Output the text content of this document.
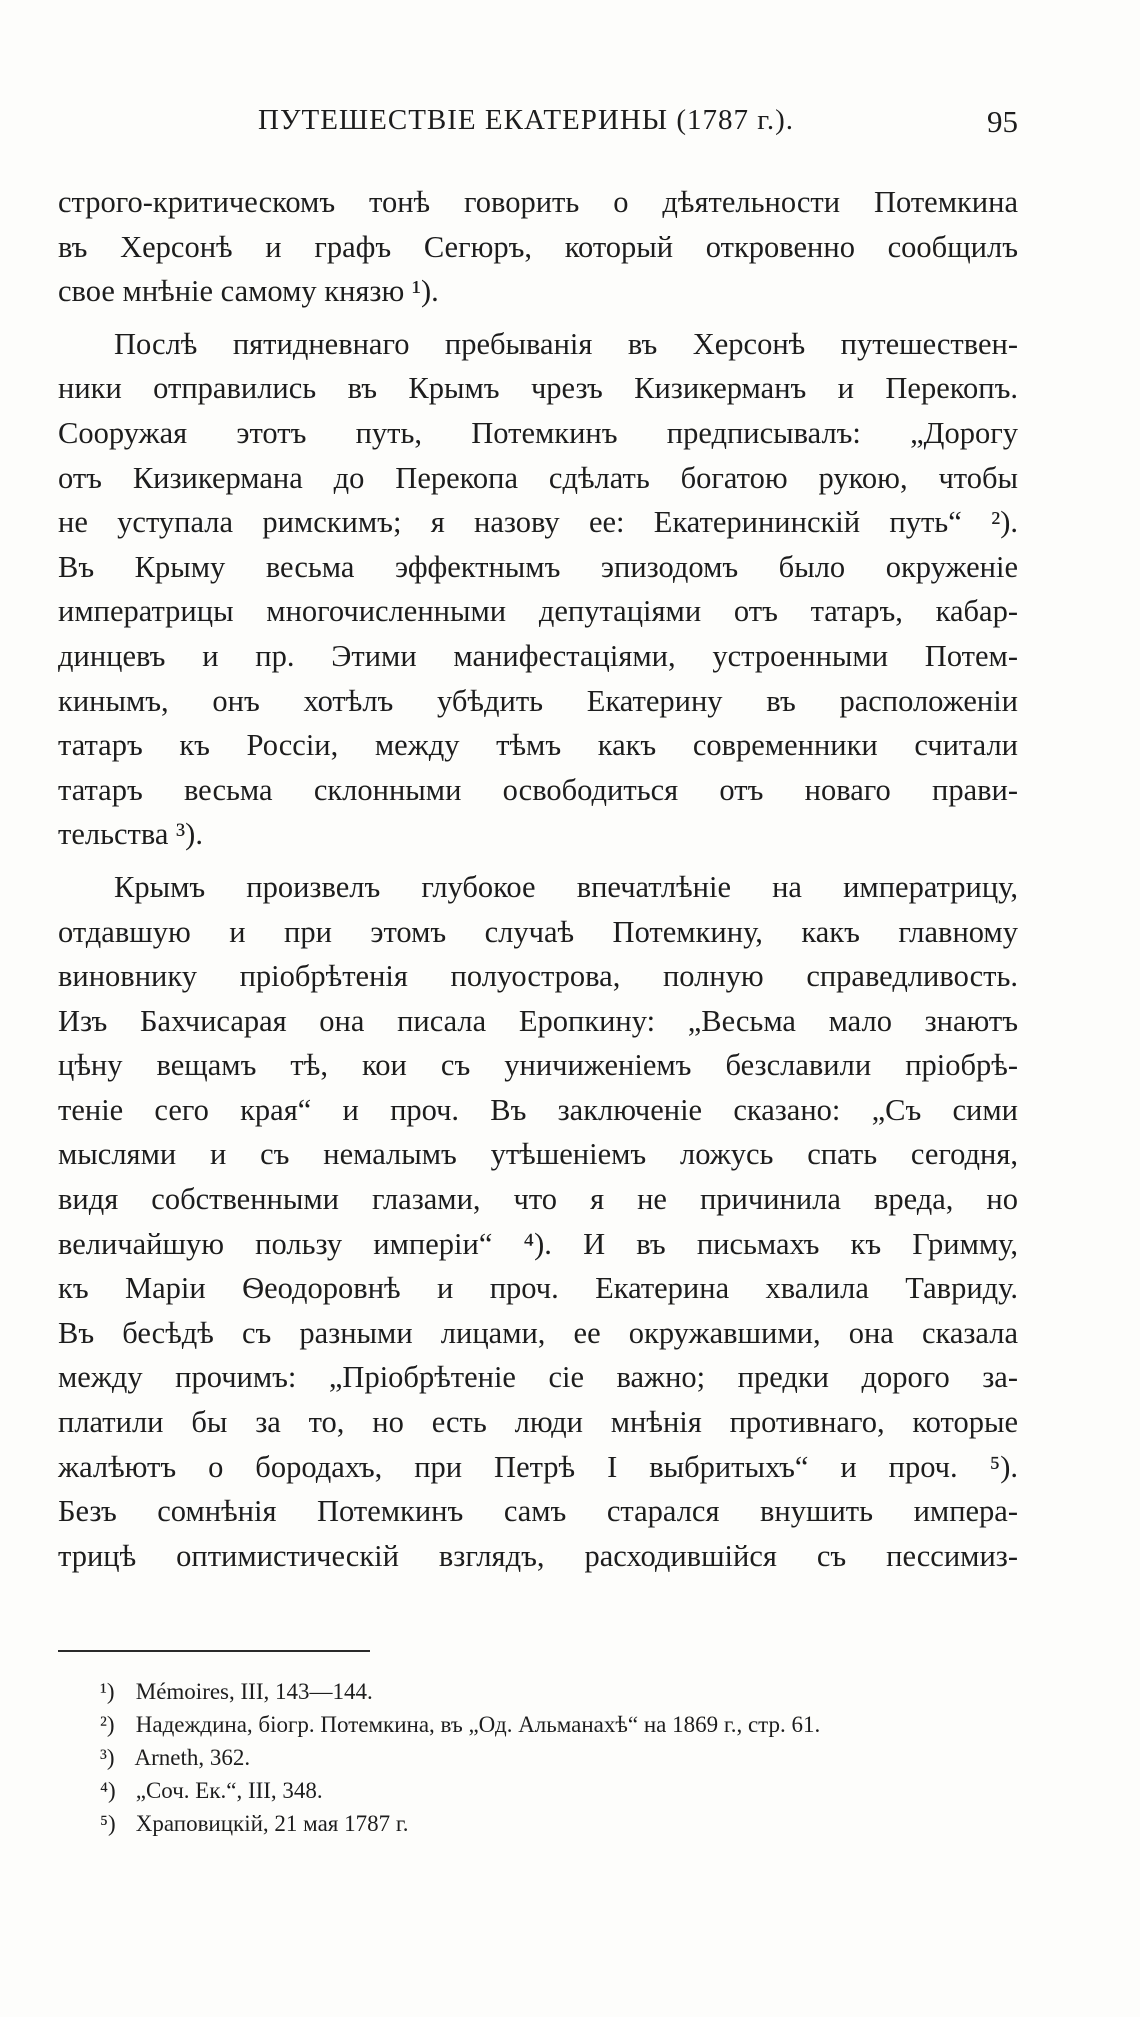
ПУТЕШЕСТВІЕ ЕКАТЕРИНЫ (1787 г.).	95
строго-критическомъ тонѣ говорить о дѣятельности Потемкина
въ Херсонѣ и графъ Сегюръ, который откровенно сообщилъ
свое мнѣніе самому князю ¹).
Послѣ пятидневнаго пребыванія въ Херсонѣ путешествен-
ники отправились въ Крымъ чрезъ Кизикерманъ и Перекопъ.
Сооружая этотъ путь, Потемкинъ предписывалъ: „Дорогу
отъ Кизикермана до Перекопа сдѣлать богатою рукою, чтобы
не уступала римскимъ; я назову ее: Екатерининскій путь“ ²).
Въ Крыму весьма эффектнымъ эпизодомъ было окруженіе
императрицы многочисленными депутаціями отъ татаръ, кабар-
динцевъ и пр. Этими манифестаціями, устроенными Потем-
кинымъ, онъ хотѣлъ убѣдить Екатерину въ расположеніи
татаръ къ Россіи, между тѣмъ какъ современники считали
татаръ весьма склонными освободиться отъ новаго прави-
тельства ³).
Крымъ произвелъ глубокое впечатлѣніе на императрицу,
отдавшую и при этомъ случаѣ Потемкину, какъ главному
виновнику пріобрѣтенія полуострова, полную справедливость.
Изъ Бахчисарая она писала Еропкину: „Весьма мало знаютъ
цѣну вещамъ тѣ, кои съ уничиженіемъ безславили пріобрѣ-
теніе сего края“ и проч. Въ заключеніе сказано: „Съ сими
мыслями и съ немалымъ утѣшеніемъ ложусь спать сегодня,
видя собственными глазами, что я не причинила вреда, но
величайшую пользу имперіи“ ⁴). И въ письмахъ къ Гримму,
къ Маріи Ѳеодоровнѣ и проч. Екатерина хвалила Тавриду.
Въ бесѣдѣ съ разными лицами, ее окружавшими, она сказала
между прочимъ: „Пріобрѣтеніе сіе важно; предки дорого за-
платили бы за то, но есть люди мнѣнія противнаго, которые
жалѣютъ о бородахъ, при Петрѣ I выбритыхъ“ и проч. ⁵).
Безъ сомнѣнія Потемкинъ самъ старался внушить импера-
трицѣ оптимистическій взглядъ, расходившійся съ пессимиз-
¹) Mémoires, III, 143—144.
²) Надеждина, біогр. Потемкина, въ „Од. Альманахѣ“ на 1869 г., стр. 61.
³) Arneth, 362.
⁴) „Соч. Ек.“, III, 348.
⁵) Храповицкій, 21 мая 1787 г.
